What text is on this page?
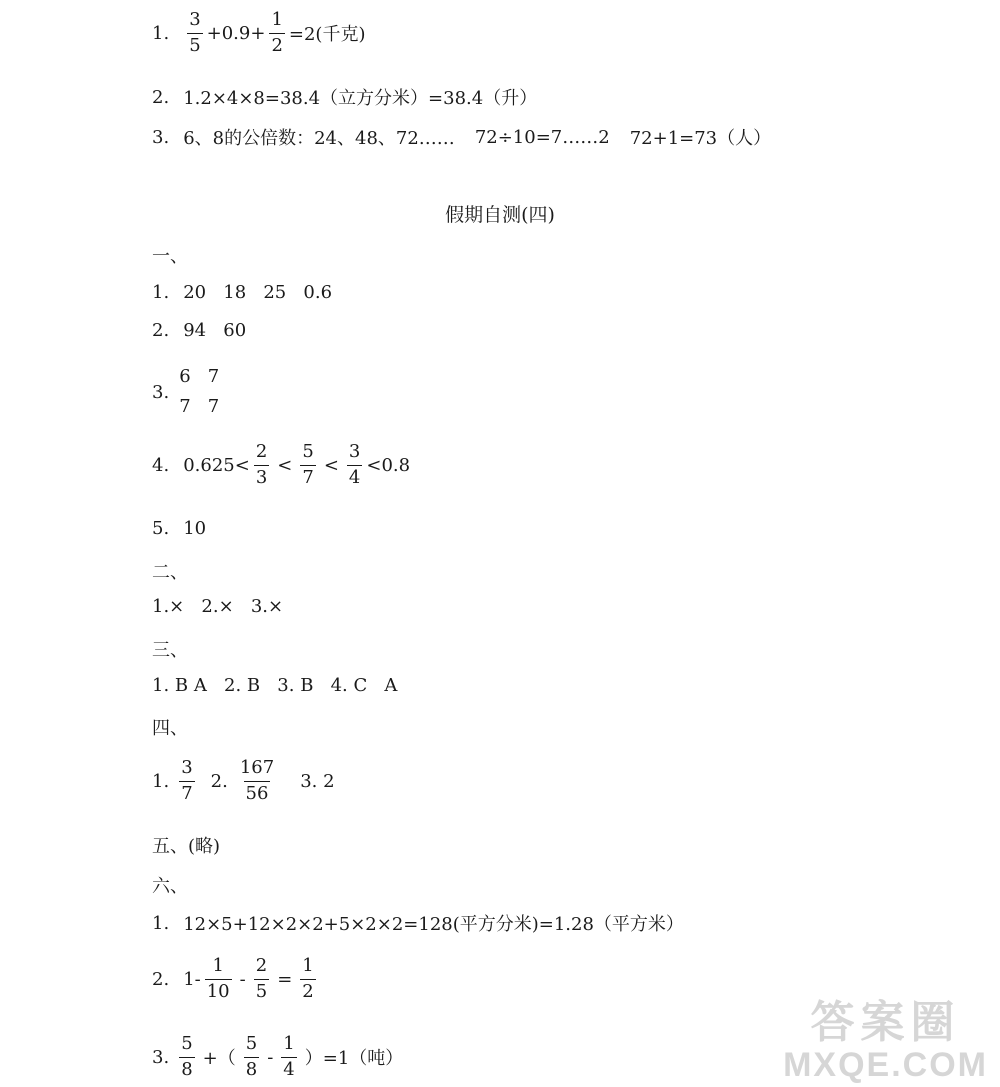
1. $\frac{3}{5} +0.9+ \frac{1}{2} =2$(千克)
2. 1.2×4×8=38.4（立方分米）=38.4（升）
3. 6、8的公倍数：24、48、72…… 72÷10=7……2 72+1=73（人）
假期自测(四)
一、
1. 20   18   25   0.6
2. 94   60
3.
6   7
7   7
4. $0.625< \frac{2}{3} < \frac{5}{7} < \frac{3}{4} <0.8$
5. 10
二、
1.×   2.×   3.×
三、
1. B A   2. B   3. B   4. C   A
四、
1. $\frac{3}{7} 2$. $\frac{167}{56} 3$. 2
五、(略)
六、
1. 12×5+12×2×2+5×2×2=128(平方分米)=1.28（平方米）
2. $1- \frac{1}{10} - \frac{2}{5} = \frac{1}{2}$
3. $\frac{5}{8}$ +（ $\frac{5}{8} - \frac{1}{4} )=1$（吨）
答案圈
MXQE.COM
